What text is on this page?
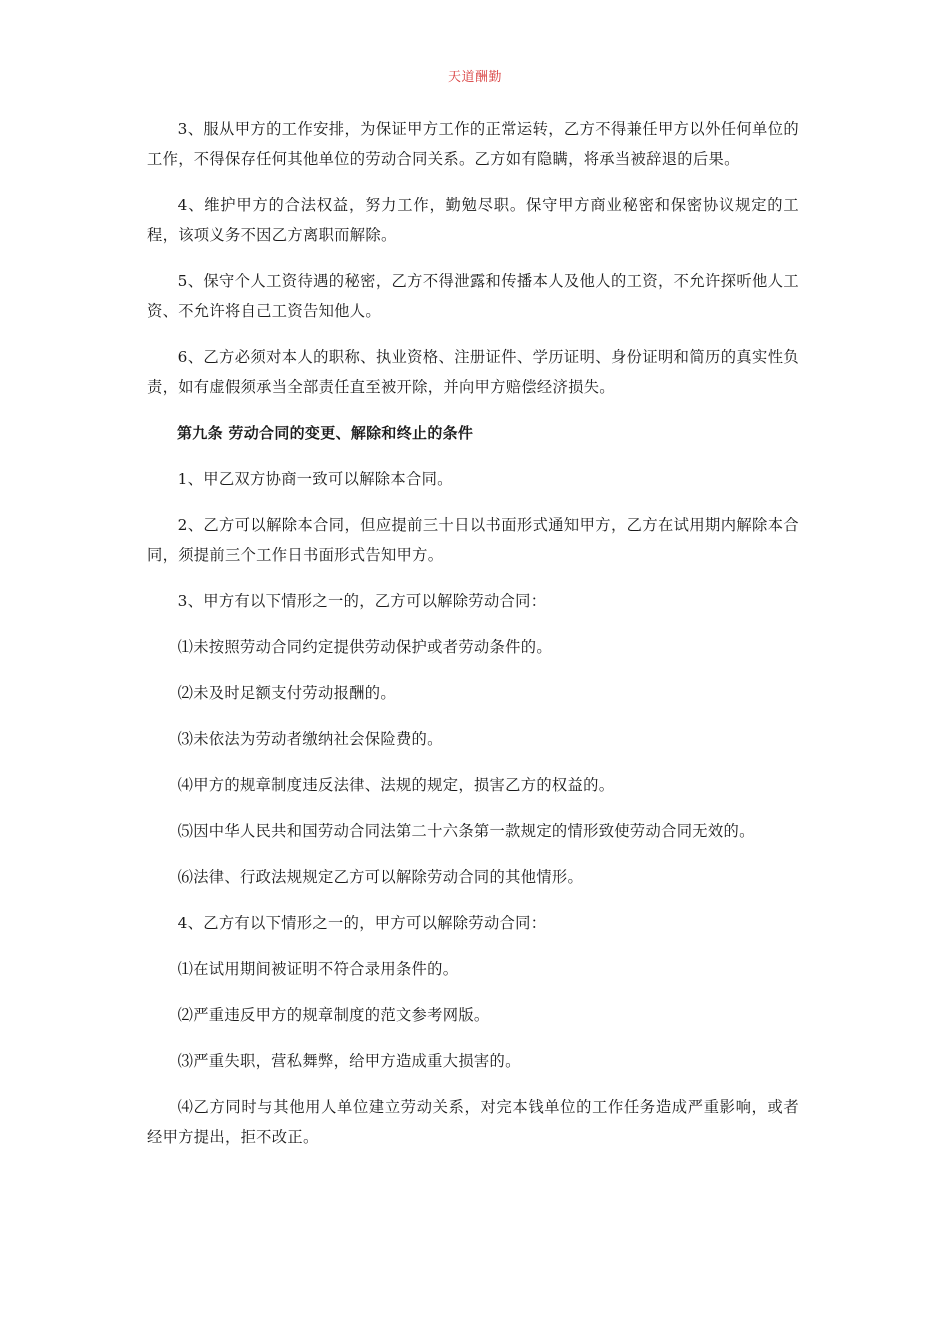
天道酬勤

3、服从甲方的工作安排，为保证甲方工作的正常运转，乙方不得兼任甲方以外任何单位的工作，不得保存任何其他单位的劳动合同关系。乙方如有隐瞒，将承当被辞退的后果。

4、维护甲方的合法权益，努力工作，勤勉尽职。保守甲方商业秘密和保密协议规定的工程，该项义务不因乙方离职而解除。

5、保守个人工资待遇的秘密，乙方不得泄露和传播本人及他人的工资，不允许探听他人工资、不允许将自己工资告知他人。

6、乙方必须对本人的职称、执业资格、注册证件、学历证明、身份证明和简历的真实性负责，如有虚假须承当全部责任直至被开除，并向甲方赔偿经济损失。

第九条 劳动合同的变更、解除和终止的条件

1、甲乙双方协商一致可以解除本合同。

2、乙方可以解除本合同，但应提前三十日以书面形式通知甲方，乙方在试用期内解除本合同，须提前三个工作日书面形式告知甲方。

3、甲方有以下情形之一的，乙方可以解除劳动合同：

⑴未按照劳动合同约定提供劳动保护或者劳动条件的。

⑵未及时足额支付劳动报酬的。

⑶未依法为劳动者缴纳社会保险费的。

⑷甲方的规章制度违反法律、法规的规定，损害乙方的权益的。

⑸因中华人民共和国劳动合同法第二十六条第一款规定的情形致使劳动合同无效的。

⑹法律、行政法规规定乙方可以解除劳动合同的其他情形。

4、乙方有以下情形之一的，甲方可以解除劳动合同：

⑴在试用期间被证明不符合录用条件的。

⑵严重违反甲方的规章制度的范文参考网版。

⑶严重失职，营私舞弊，给甲方造成重大损害的。

⑷乙方同时与其他用人单位建立劳动关系，对完本钱单位的工作任务造成严重影响，或者经甲方提出，拒不改正。
